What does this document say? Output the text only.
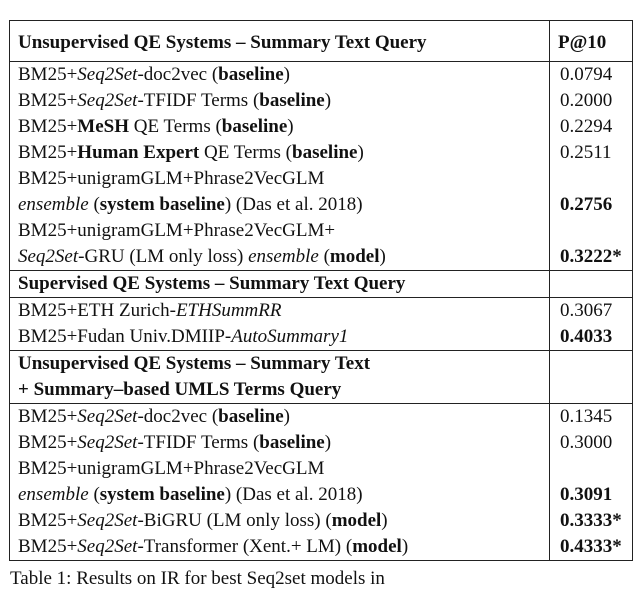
Unsupervised QE Systems – Summary Text Query	P@10
BM25+Seq2Set-doc2vec (baseline)	0.0794
BM25+Seq2Set-TFIDF Terms (baseline)	0.2000
BM25+MeSH QE Terms (baseline)	0.2294
BM25+Human Expert QE Terms (baseline)	0.2511
BM25+unigramGLM+Phrase2VecGLM	
ensemble (system baseline) (Das et al. 2018)	0.2756
BM25+unigramGLM+Phrase2VecGLM+	
Seq2Set-GRU (LM only loss) ensemble (model)	0.3222*
Supervised QE Systems – Summary Text Query	
BM25+ETH Zurich-ETHSummRR	0.3067
BM25+Fudan Univ.DMIIP-AutoSummary1	0.4033
Unsupervised QE Systems – Summary Text	
+ Summary–based UMLS Terms Query	
BM25+Seq2Set-doc2vec (baseline)	0.1345
BM25+Seq2Set-TFIDF Terms (baseline)	0.3000
BM25+unigramGLM+Phrase2VecGLM	
ensemble (system baseline) (Das et al. 2018)	0.3091
BM25+Seq2Set-BiGRU (LM only loss) (model)	0.3333*
BM25+Seq2Set-Transformer (Xent.+ LM) (model)	0.4333*
Table 1: Results on IR for best Seq2set models in
